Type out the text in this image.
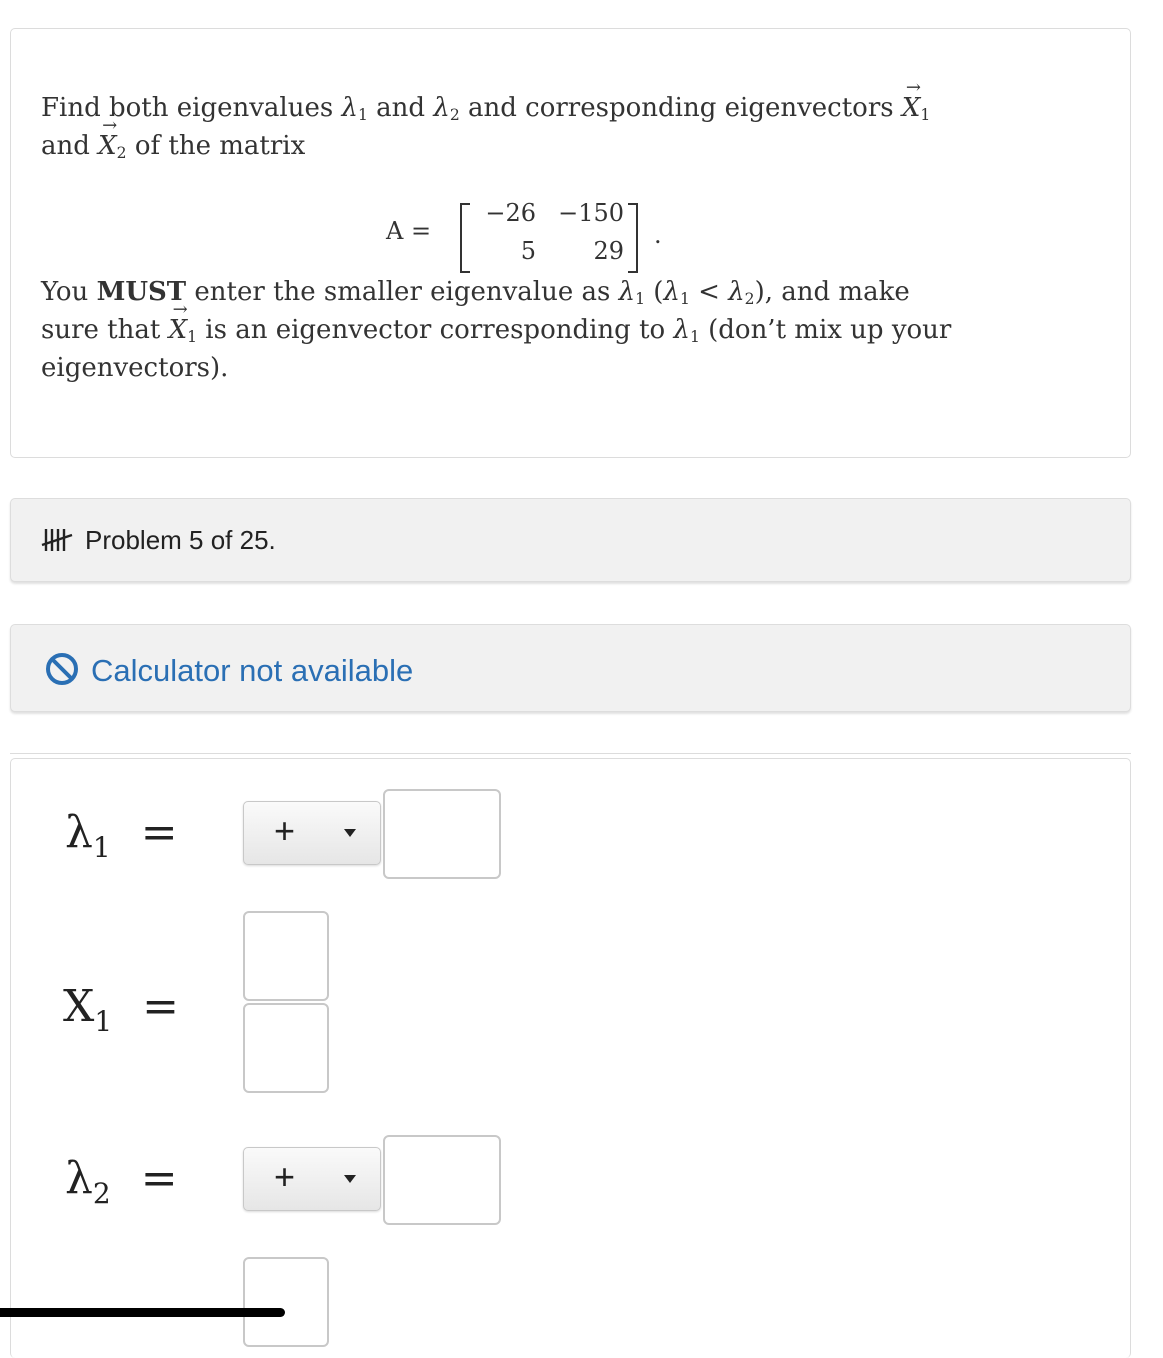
Find both eigenvalues $\lambda_1$ and $\lambda_2$ and corresponding eigenvectors → $X_1$
and → $X_2$ of the matrix
A =
−26 −150
5	29
.
You MUST enter the smaller eigenvalue as $\lambda_1$ $(\lambda_1 < \lambda_2)$, and make
sure that → $X_1$ is an eigenvector corresponding to $\lambda_1$ (don’t mix up your
eigenvectors).
Problem 5 of 25.
Calculator not available
$\lambda_1$ =	+
$X_1$ =
$\lambda_2$ =	+
